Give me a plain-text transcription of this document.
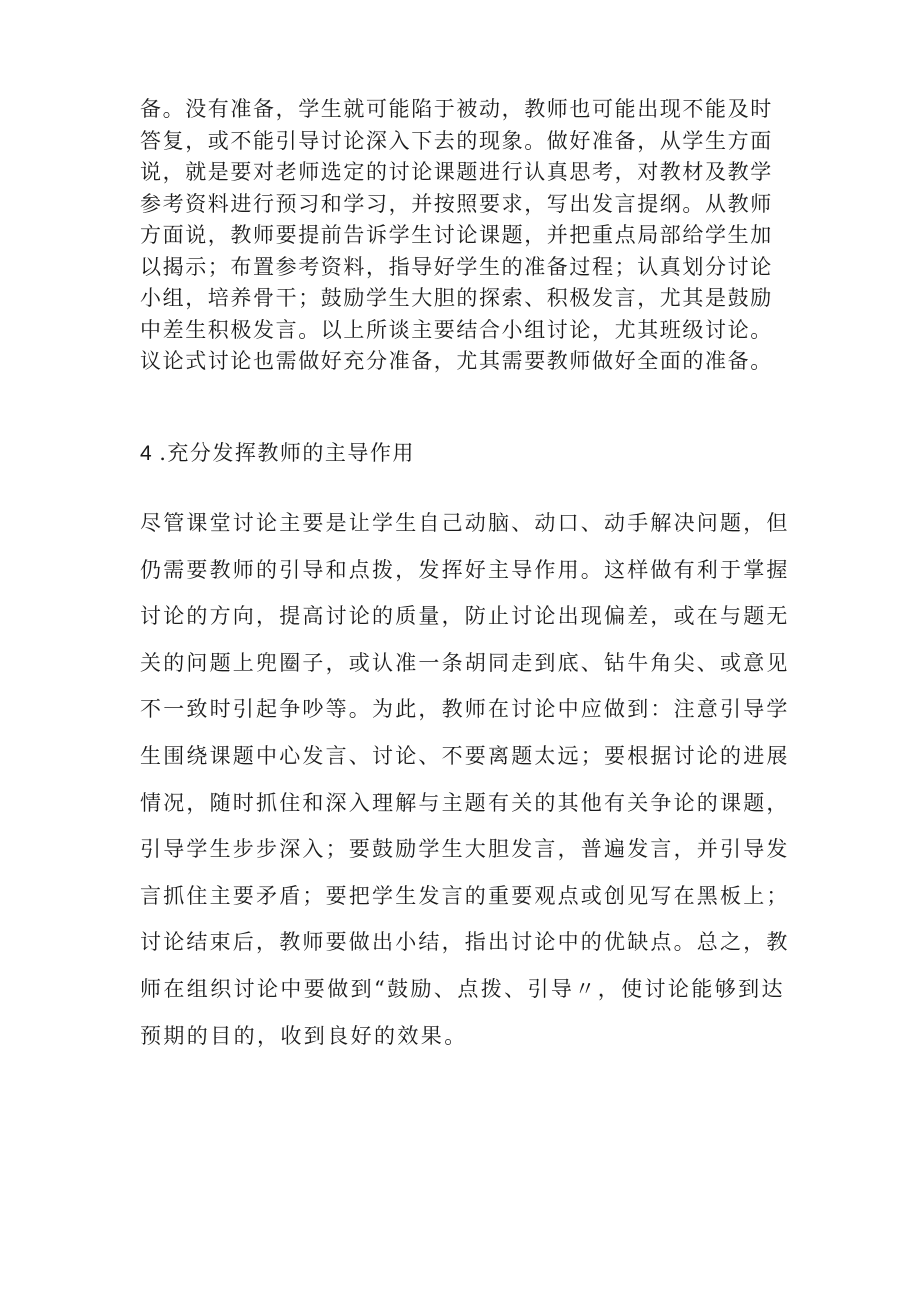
备。没有准备，学生就可能陷于被动，教师也可能出现不能及时
答复，或不能引导讨论深入下去的现象。做好准备，从学生方面
说，就是要对老师选定的讨论课题进行认真思考，对教材及教学
参考资料进行预习和学习，并按照要求，写出发言提纲。从教师
方面说，教师要提前告诉学生讨论课题，并把重点局部给学生加
以揭示；布置参考资料，指导好学生的准备过程；认真划分讨论
小组，培养骨干；鼓励学生大胆的探索、积极发言，尤其是鼓励
中差生积极发言。以上所谈主要结合小组讨论，尤其班级讨论。
议论式讨论也需做好充分准备，尤其需要教师做好全面的准备。
4 .充分发挥教师的主导作用
尽管课堂讨论主要是让学生自己动脑、动口、动手解决问题，但
仍需要教师的引导和点拨，发挥好主导作用。这样做有利于掌握
讨论的方向，提高讨论的质量，防止讨论出现偏差，或在与题无
关的问题上兜圈子，或认准一条胡同走到底、钻牛角尖、或意见
不一致时引起争吵等。为此，教师在讨论中应做到：注意引导学
生围绕课题中心发言、讨论、不要离题太远；要根据讨论的进展
情况，随时抓住和深入理解与主题有关的其他有关争论的课题，
引导学生步步深入；要鼓励学生大胆发言，普遍发言，并引导发
言抓住主要矛盾；要把学生发言的重要观点或创见写在黑板上；
讨论结束后，教师要做出小结，指出讨论中的优缺点。总之，教
师在组织讨论中要做到“鼓励、点拨、引导〃，使讨论能够到达
预期的目的，收到良好的效果。
